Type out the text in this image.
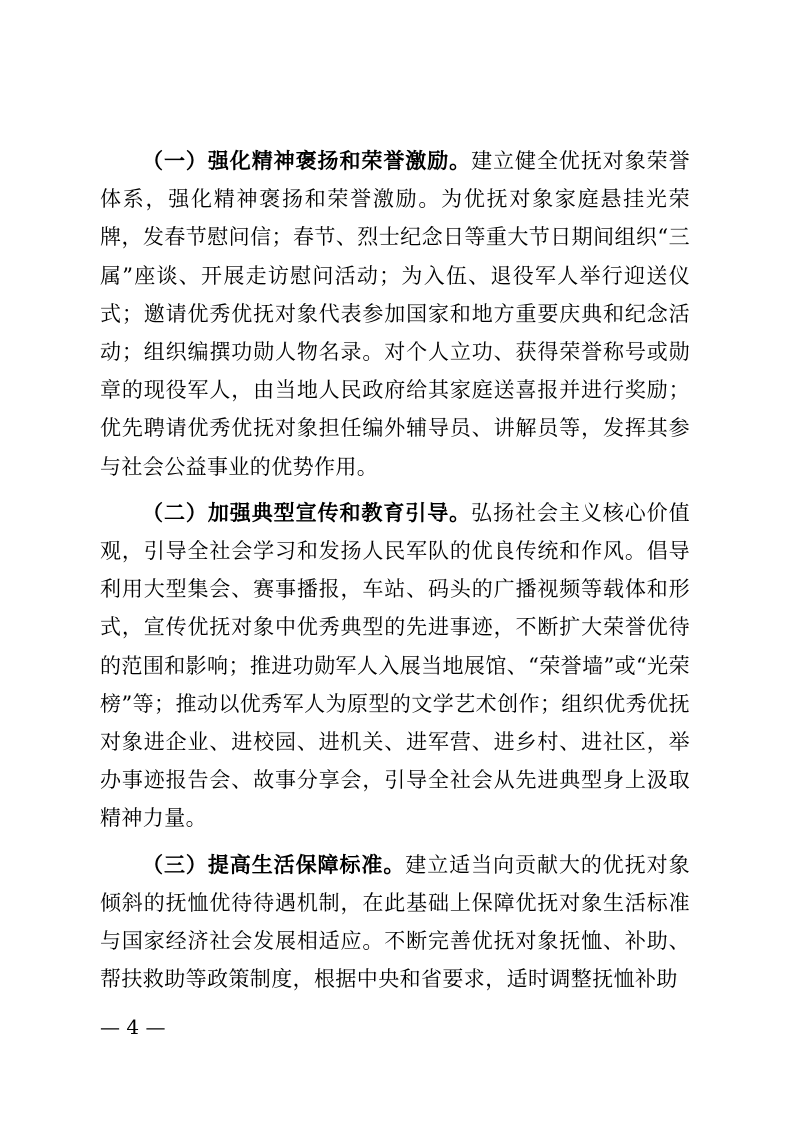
（一）强化精神褒扬和荣誉激励。建立健全优抚对象荣誉体系，强化精神褒扬和荣誉激励。为优抚对象家庭悬挂光荣牌，发春节慰问信；春节、烈士纪念日等重大节日期间组织“三属”座谈、开展走访慰问活动；为入伍、退役军人举行迎送仪式；邀请优秀优抚对象代表参加国家和地方重要庆典和纪念活动；组织编撰功勋人物名录。对个人立功、获得荣誉称号或勋章的现役军人，由当地人民政府给其家庭送喜报并进行奖励；优先聘请优秀优抚对象担任编外辅导员、讲解员等，发挥其参与社会公益事业的优势作用。

（二）加强典型宣传和教育引导。弘扬社会主义核心价值观，引导全社会学习和发扬人民军队的优良传统和作风。倡导利用大型集会、赛事播报，车站、码头的广播视频等载体和形式，宣传优抚对象中优秀典型的先进事迹，不断扩大荣誉优待的范围和影响；推进功勋军人入展当地展馆、“荣誉墙”或“光荣榜”等；推动以优秀军人为原型的文学艺术创作；组织优秀优抚对象进企业、进校园、进机关、进军营、进乡村、进社区，举办事迹报告会、故事分享会，引导全社会从先进典型身上汲取精神力量。

（三）提高生活保障标准。建立适当向贡献大的优抚对象倾斜的抚恤优待待遇机制，在此基础上保障优抚对象生活标准与国家经济社会发展相适应。不断完善优抚对象抚恤、补助、帮扶救助等政策制度，根据中央和省要求，适时调整抚恤补助

— 4 —
